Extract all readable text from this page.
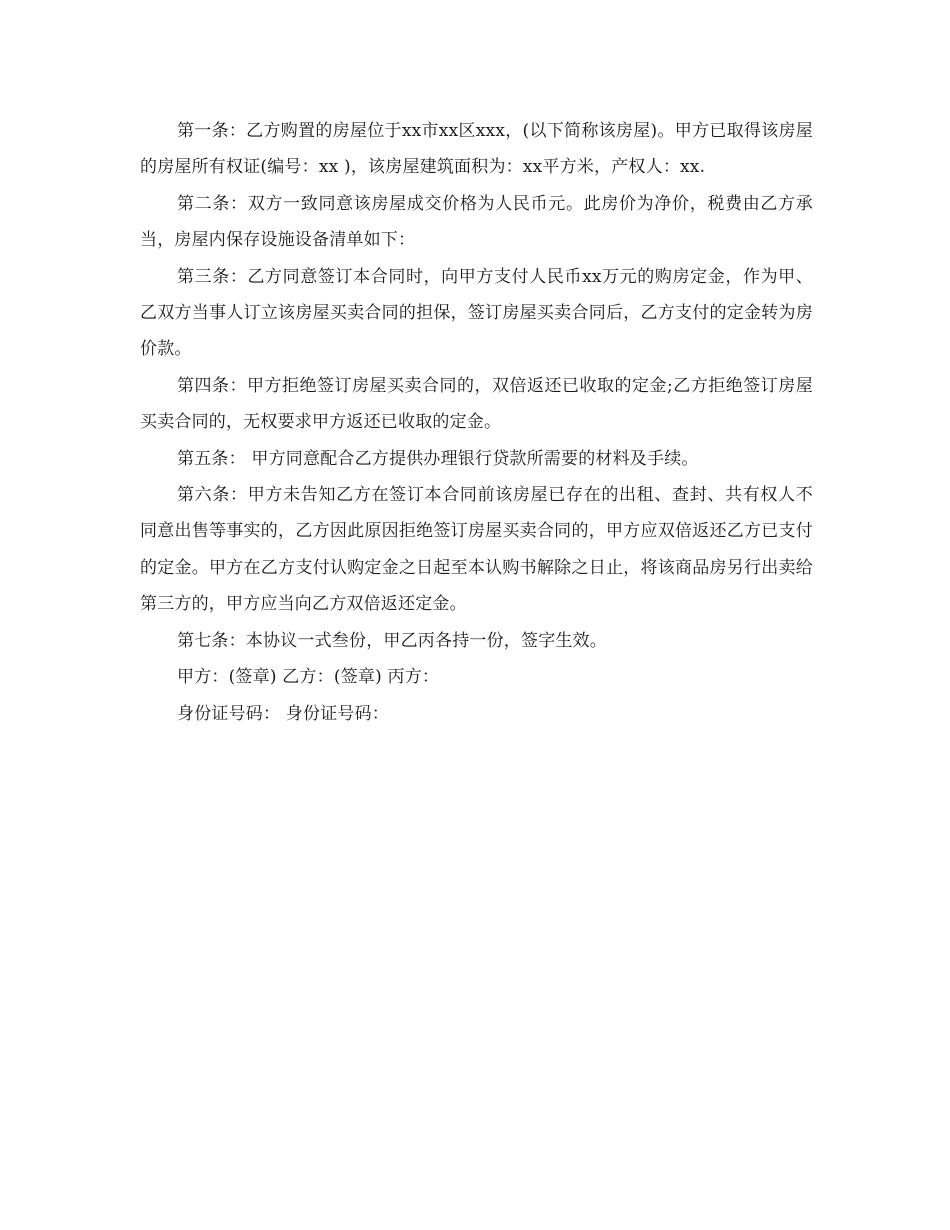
第一条：乙方购置的房屋位于xx市xx区xxx，(以下简称该房屋)。甲方已取得该房屋的房屋所有权证(编号：xx )，该房屋建筑面积为：xx平方米，产权人：xx.

第二条：双方一致同意该房屋成交价格为人民币元。此房价为净价，税费由乙方承当，房屋内保存设施设备清单如下：

第三条：乙方同意签订本合同时，向甲方支付人民币xx万元的购房定金，作为甲、乙双方当事人订立该房屋买卖合同的担保，签订房屋买卖合同后，乙方支付的定金转为房价款。

第四条：甲方拒绝签订房屋买卖合同的，双倍返还已收取的定金;乙方拒绝签订房屋买卖合同的，无权要求甲方返还已收取的定金。

第五条： 甲方同意配合乙方提供办理银行贷款所需要的材料及手续。

第六条：甲方未告知乙方在签订本合同前该房屋已存在的出租、查封、共有权人不同意出售等事实的，乙方因此原因拒绝签订房屋买卖合同的，甲方应双倍返还乙方已支付的定金。甲方在乙方支付认购定金之日起至本认购书解除之日止，将该商品房另行出卖给第三方的，甲方应当向乙方双倍返还定金。

第七条：本协议一式叁份，甲乙丙各持一份，签字生效。

甲方：(签章) 乙方：(签章) 丙方：

身份证号码： 身份证号码：
